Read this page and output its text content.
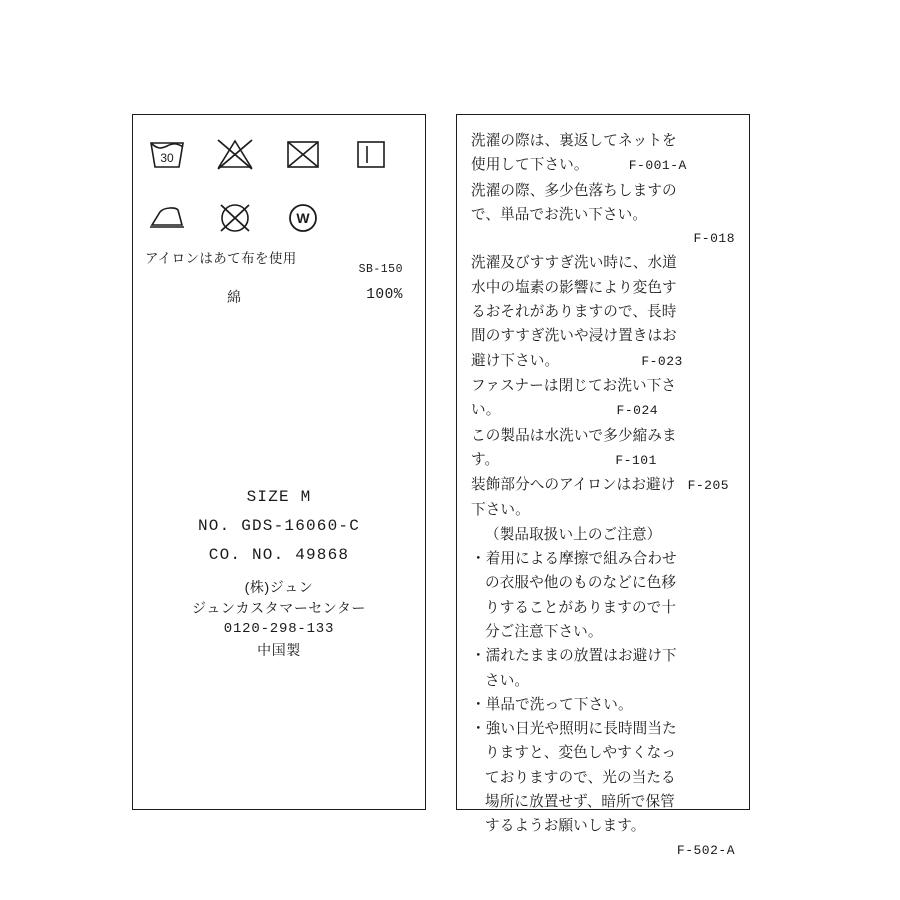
30
W
アイロンはあて布を使用
SB-150
綿	100%
SIZE M
NO. GDS-16060-C
CO. NO. 49868
(株)ジュン
ジュンカスタマーセンター
0120-298-133
中国製

洗濯の際は、裏返してネットを
使用して下さい。	F-001-A

洗濯の際、多少色落ちしますの
で、単品でお洗い下さい。
F-018

洗濯及びすすぎ洗い時に、水道
水中の塩素の影響により変色す
るおそれがありますので、長時
間のすすぎ洗いや浸け置きはお
避け下さい。	F-023

ファスナーは閉じてお洗い下さ
い。	F-024

この製品は水洗いで多少縮みま
す。	F-101

装飾部分へのアイロンはお避け F-205
下さい。

（製品取扱い上のご注意）

・着用による摩擦で組み合わせ
の衣服や他のものなどに色移
りすることがありますので十
分ご注意下さい。

・濡れたままの放置はお避け下
さい。

・単品で洗って下さい。

・強い日光や照明に長時間当た
りますと、変色しやすくなっ
ておりますので、光の当たる
場所に放置せず、暗所で保管
するようお願いします。

F-502-A
